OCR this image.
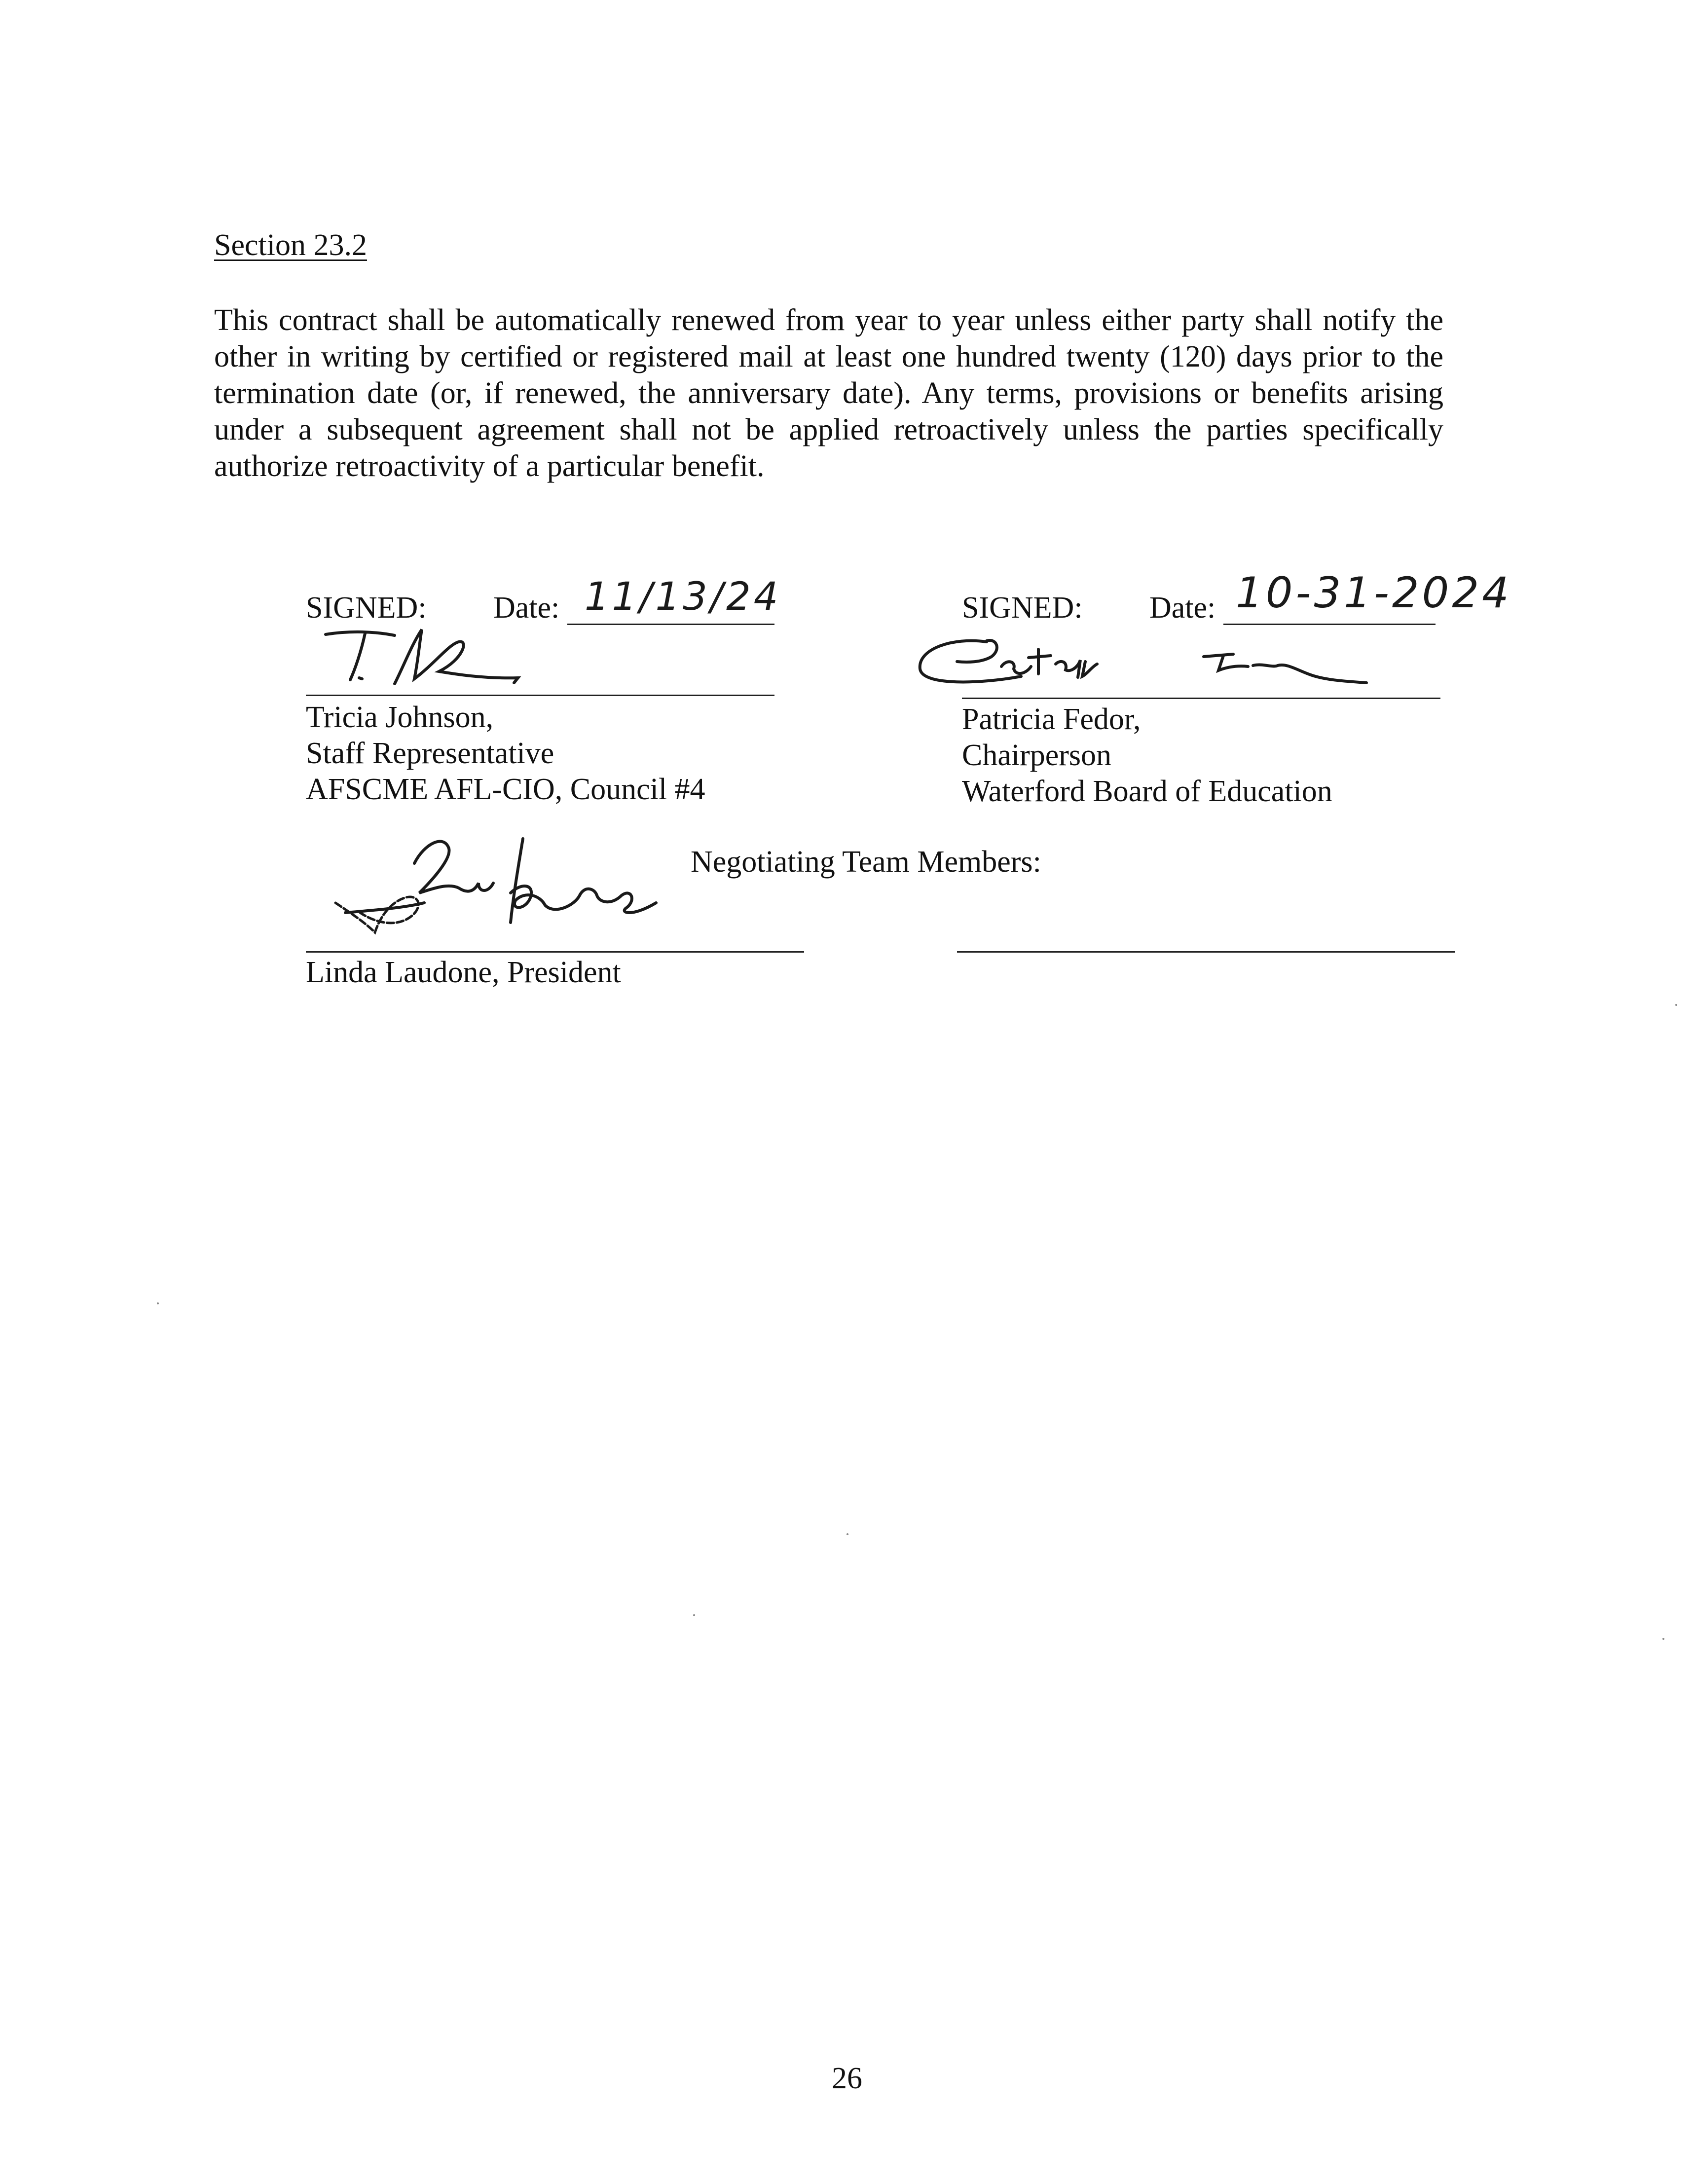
Section 23.2
This contract shall be automatically renewed from year to year unless either party shall notify the other in writing by certified or registered mail at least one hundred twenty (120) days prior to the termination date (or, if renewed, the anniversary date). Any terms, provisions or benefits arising under a subsequent agreement shall not be applied retroactively unless the parties specifically authorize retroactivity of a particular benefit.
SIGNED: Date: 11/13/24
Tricia Johnson,
Staff Representative
AFSCME AFL-CIO, Council #4
SIGNED: Date: 10-31-2024
Patricia Fedor,
Chairperson
Waterford Board of Education
Negotiating Team Members:
Linda Laudone, President
26
